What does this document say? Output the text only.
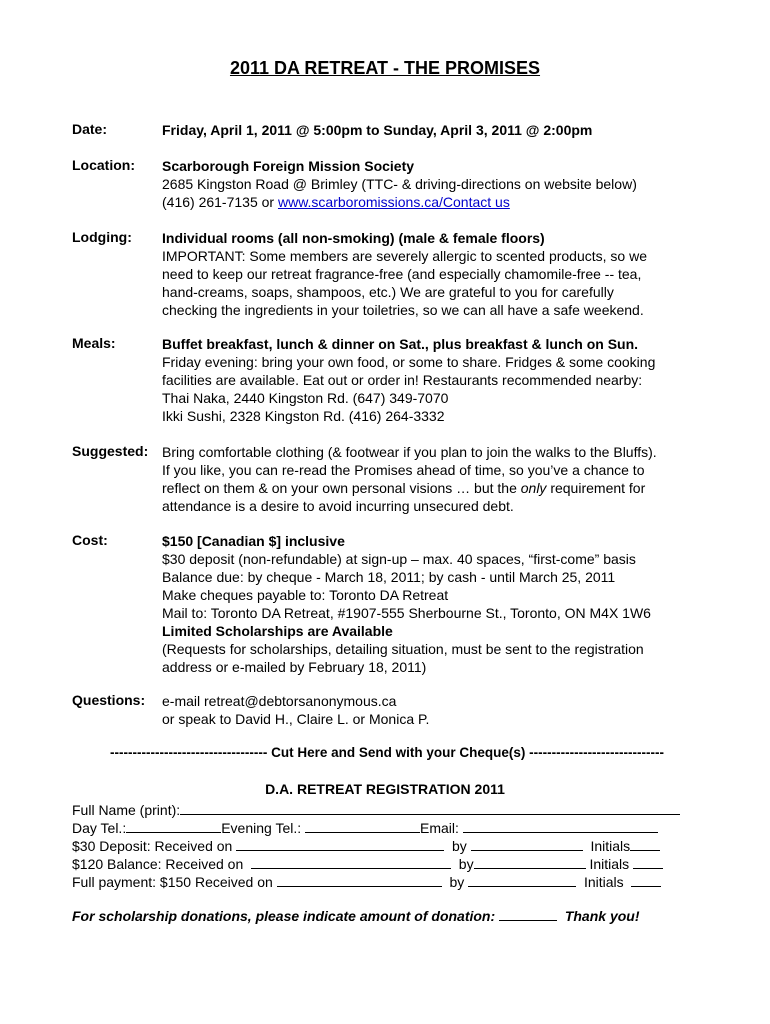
2011 DA RETREAT - THE PROMISES
Date:	Friday, April 1, 2011 @ 5:00pm to Sunday, April 3, 2011 @ 2:00pm
Location: Scarborough Foreign Mission Society
2685 Kingston Road @ Brimley (TTC- & driving-directions on website below)
(416) 261-7135 or www.scarboromissions.ca/Contact us
Lodging: Individual rooms (all non-smoking) (male & female floors)
IMPORTANT: Some members are severely allergic to scented products, so we
need to keep our retreat fragrance-free (and especially chamomile-free -- tea,
hand-creams, soaps, shampoos, etc.) We are grateful to you for carefully
checking the ingredients in your toiletries, so we can all have a safe weekend.
Meals:	Buffet breakfast, lunch & dinner on Sat., plus breakfast & lunch on Sun.
Friday evening: bring your own food, or some to share. Fridges & some cooking
facilities are available. Eat out or order in! Restaurants recommended nearby:
Thai Naka, 2440 Kingston Rd. (647) 349-7070
Ikki Sushi, 2328 Kingston Rd. (416) 264-3332
Suggested: Bring comfortable clothing (& footwear if you plan to join the walks to the Bluffs).
If you like, you can re-read the Promises ahead of time, so you’ve a chance to
reflect on them & on your own personal visions … but the only requirement for
attendance is a desire to avoid incurring unsecured debt.
Cost:	$150 [Canadian $] inclusive
$30 deposit (non-refundable) at sign-up – max. 40 spaces, “first-come” basis
Balance due: by cheque - March 18, 2011; by cash - until March 25, 2011
Make cheques payable to: Toronto DA Retreat
Mail to: Toronto DA Retreat, #1907-555 Sherbourne St., Toronto, ON M4X 1W6
Limited Scholarships are Available
(Requests for scholarships, detailing situation, must be sent to the registration
address or e-mailed by February 18, 2011)
Questions: e-mail retreat@debtorsanonymous.ca
or speak to David H., Claire L. or Monica P.
----------------------------------- Cut Here and Send with your Cheque(s) ------------------------------
D.A. RETREAT REGISTRATION 2011
Full Name (print):
Day Tel.:	Evening Tel.:	Email:
$30 Deposit: Received on	by	Initials
$120 Balance: Received on	by	Initials
Full payment: $150 Received on	by	Initials
For scholarship donations, please indicate amount of donation:	Thank you!
